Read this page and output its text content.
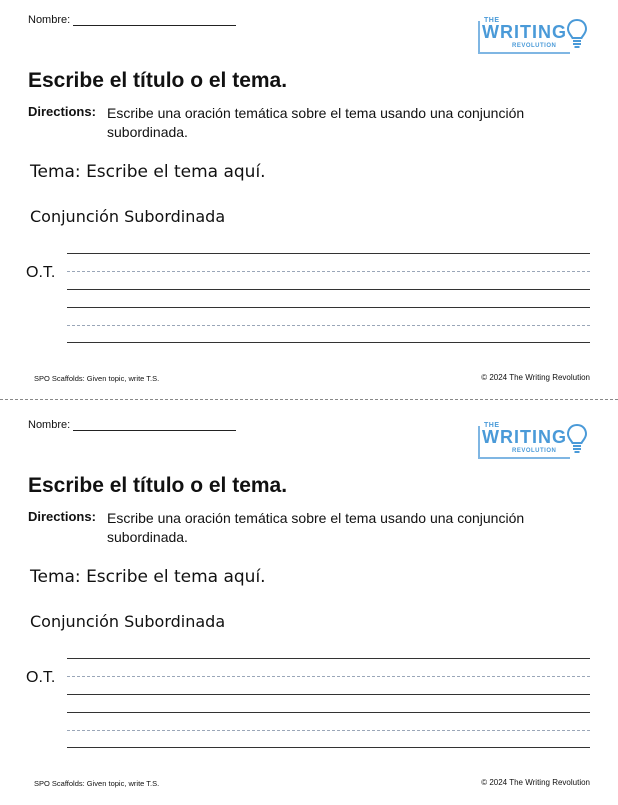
Nombre:	THE
WRITING
REVOLUTION
Escribe el título o el tema.
Directions: Escribe una oración temática sobre el tema usando una conjunción subordinada.
Tema: Escribe el tema aquí.
Conjunción Subordinada
O.T.
SPO Scaffolds: Given topic, write T.S.	© 2024 The Writing Revolution
Nombre:	THE
WRITING
REVOLUTION
Escribe el título o el tema.
Directions: Escribe una oración temática sobre el tema usando una conjunción subordinada.
Tema: Escribe el tema aquí.
Conjunción Subordinada
O.T.
SPO Scaffolds: Given topic, write T.S.	© 2024 The Writing Revolution
